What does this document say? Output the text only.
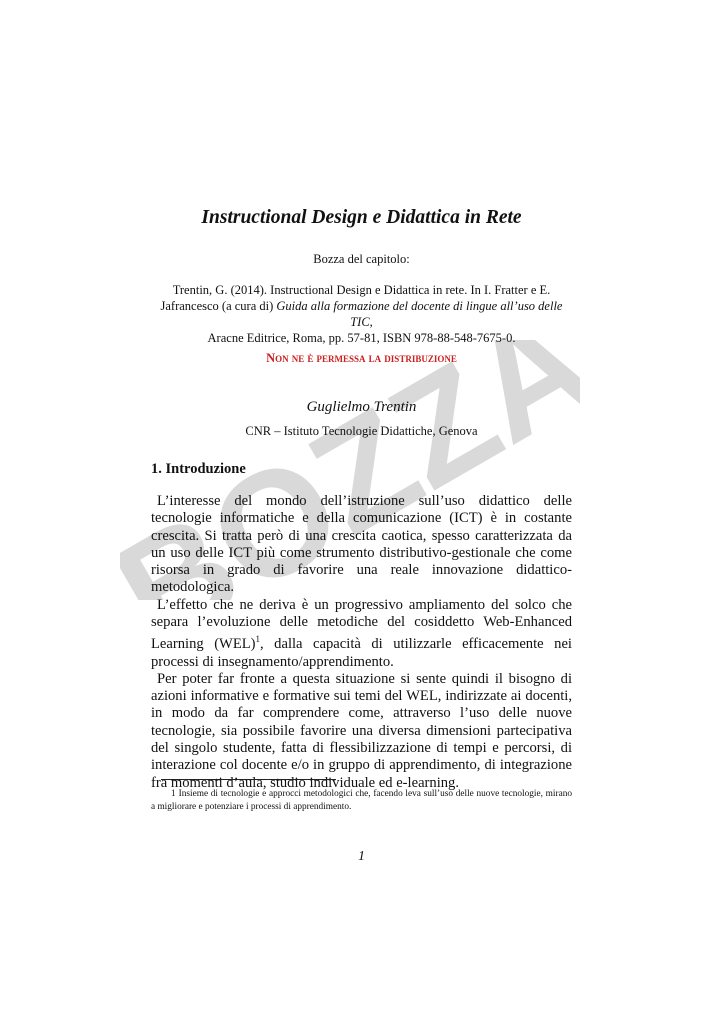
BOZZA
Instructional Design e Didattica in Rete
Bozza del capitolo:
Trentin, G. (2014). Instructional Design e Didattica in rete. In I. Fratter e E.
Jafrancesco (a cura di) Guida alla formazione del docente di lingue all’uso delle TIC,
Aracne Editrice, Roma, pp. 57-81, ISBN 978-88-548-7675-0.
Non ne è permessa la distribuzione
Guglielmo Trentin
CNR – Istituto Tecnologie Didattiche, Genova
1. Introduzione

L’interesse del mondo dell’istruzione sull’uso didattico delle tecnologie informatiche e della comunicazione (ICT) è in costante crescita. Si tratta però di una crescita caotica, spesso caratterizzata da un uso delle ICT più come strumento distributivo-gestionale che come risorsa in grado di favorire una reale innovazione didattico-metodologica.

L’effetto che ne deriva è un progressivo ampliamento del solco che separa l’evoluzione delle metodiche del cosiddetto Web-Enhanced Learning (WEL)$^1$, dalla capacità di utilizzarle efficacemente nei processi di insegnamento/apprendimento.

Per poter far fronte a questa situazione si sente quindi il bisogno di azioni informative e formative sui temi del WEL, indirizzate ai docenti, in modo da far comprendere come, attraverso l’uso delle nuove tecnologie, sia possibile favorire una diversa dimensioni partecipativa del singolo studente, fatta di flessibilizzazione di tempi e percorsi, di interazione col docente e/o in gruppo di apprendimento, di integrazione fra momenti d’aula, studio individuale ed e-learning.

1 Insieme di tecnologie e approcci metodologici che, facendo leva sull’uso delle nuove tecnologie, mirano a migliorare e potenziare i processi di apprendimento.
1
